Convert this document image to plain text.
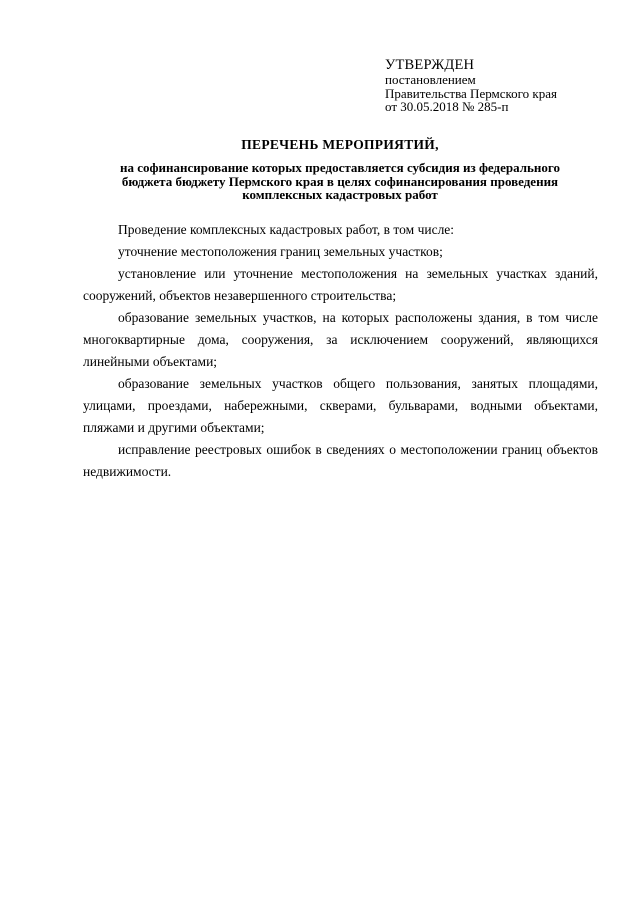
УТВЕРЖДЕН
постановлением
Правительства Пермского края
от 30.05.2018 № 285-п
ПЕРЕЧЕНЬ МЕРОПРИЯТИЙ,
на софинансирование которых предоставляется субсидия из федерального
бюджета бюджету Пермского края в целях софинансирования проведения
комплексных кадастровых работ

Проведение комплексных кадастровых работ, в том числе:

уточнение местоположения границ земельных участков;

установление или уточнение местоположения на земельных участках зданий, сооружений, объектов незавершенного строительства;

образование земельных участков, на которых расположены здания, в том числе многоквартирные дома, сооружения, за исключением сооружений, являющихся линейными объектами;

образование земельных участков общего пользования, занятых площадями, улицами, проездами, набережными, скверами, бульварами, водными объектами, пляжами и другими объектами;

исправление реестровых ошибок в сведениях о местоположении границ объектов недвижимости.
